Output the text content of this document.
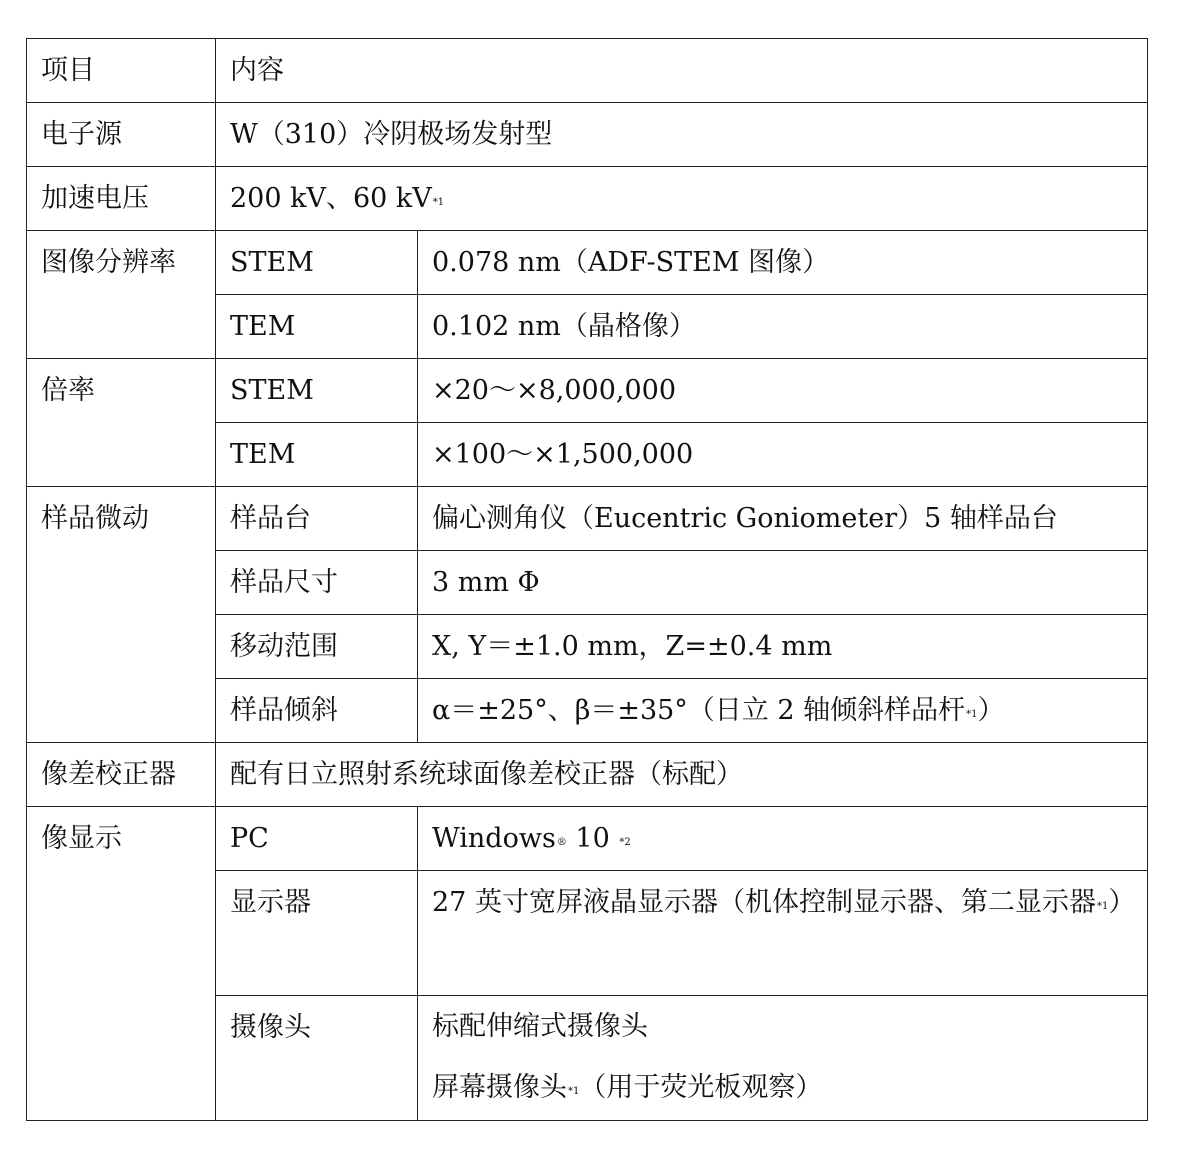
项目	内容	
电子源	W（310）冷阴极场发射型	
加速电压	200 kV、60 $kV^{*1}$
图像分辨率	STEM	0.078 nm（ADF-STEM 图像）
	TEM	0.102 nm（晶格像）
倍率	STEM	×20～×8,000,000
	TEM	×100～×1,500,000
样品微动	样品台	偏心测角仪（Eucentric Goniometer）5 轴样品台
	样品尺寸	3 mm Φ
	移动范围	X, Y＝±1.0 mm，Z=±0.4 mm
	样品倾斜	α＝±25°、β＝±35°（日立 2 轴倾斜样品杆$^{*1}$）
像差校正器	配有日立照射系统球面像差校正器（标配）	
像显示	PC	Windows® 10 $^{*2}$
	显示器	27 英寸宽屏液晶显示器（机体控制显示器、第二显示器$^{*1}$）
	摄像头	标配伸缩式摄像头
屏幕摄像头$^{*1}$（用于荧光板观察）
